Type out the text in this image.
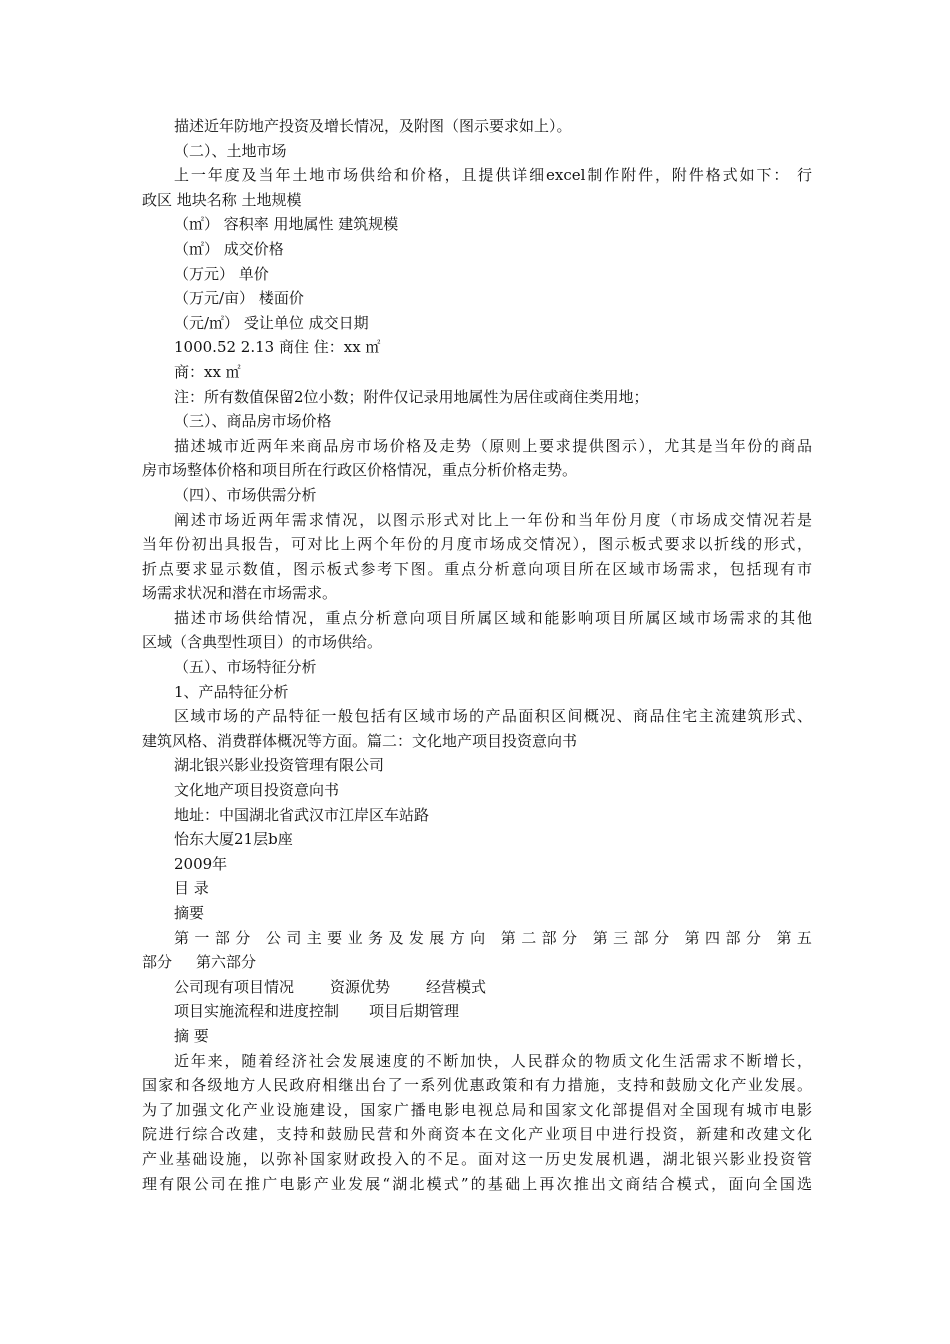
描述近年防地产投资及增长情况，及附图（图示要求如上）。
（二）、土地市场
上一年度及当年土地市场供给和价格，且提供详细excel制作附件，附件格式如下： 行
政区 地块名称 土地规模
（㎡） 容积率 用地属性 建筑规模
（㎡） 成交价格
（万元） 单价
（万元/亩） 楼面价
（元/㎡） 受让单位 成交日期
1000.52 2.13 商住 住：xx ㎡
商：xx ㎡
注：所有数值保留2位小数；附件仅记录用地属性为居住或商住类用地；
（三）、商品房市场价格
描述城市近两年来商品房市场价格及走势（原则上要求提供图示），尤其是当年份的商品
房市场整体价格和项目所在行政区价格情况，重点分析价格走势。
（四）、市场供需分析
阐述市场近两年需求情况，以图示形式对比上一年份和当年份月度（市场成交情况若是
当年份初出具报告，可对比上两个年份的月度市场成交情况），图示板式要求以折线的形式，
折点要求显示数值，图示板式参考下图。重点分析意向项目所在区域市场需求，包括现有市
场需求状况和潜在市场需求。
描述市场供给情况，重点分析意向项目所属区域和能影响项目所属区域市场需求的其他
区域（含典型性项目）的市场供给。
（五）、市场特征分析
1、产品特征分析
区域市场的产品特征一般包括有区域市场的产品面积区间概况、商品住宅主流建筑形式、
建筑风格、消费群体概况等方面。篇二：文化地产项目投资意向书
湖北银兴影业投资管理有限公司
文化地产项目投资意向书
地址：中国湖北省武汉市江岸区车站路
怡东大厦21层b座
2009年
目 录
摘要
第一部分 公司主要业务及发展方向 第二部分 第三部分 第四部分 第五
部分 第六部分
公司现有项目情况 资源优势 经营模式
项目实施流程和进度控制 项目后期管理
摘 要
近年来，随着经济社会发展速度的不断加快，人民群众的物质文化生活需求不断增长，
国家和各级地方人民政府相继出台了一系列优惠政策和有力措施，支持和鼓励文化产业发展。
为了加强文化产业设施建设，国家广播电影电视总局和国家文化部提倡对全国现有城市电影
院进行综合改建，支持和鼓励民营和外商资本在文化产业项目中进行投资，新建和改建文化
产业基础设施，以弥补国家财政投入的不足。面对这一历史发展机遇，湖北银兴影业投资管
理有限公司在推广电影产业发展“湖北模式”的基础上再次推出文商结合模式，面向全国选
